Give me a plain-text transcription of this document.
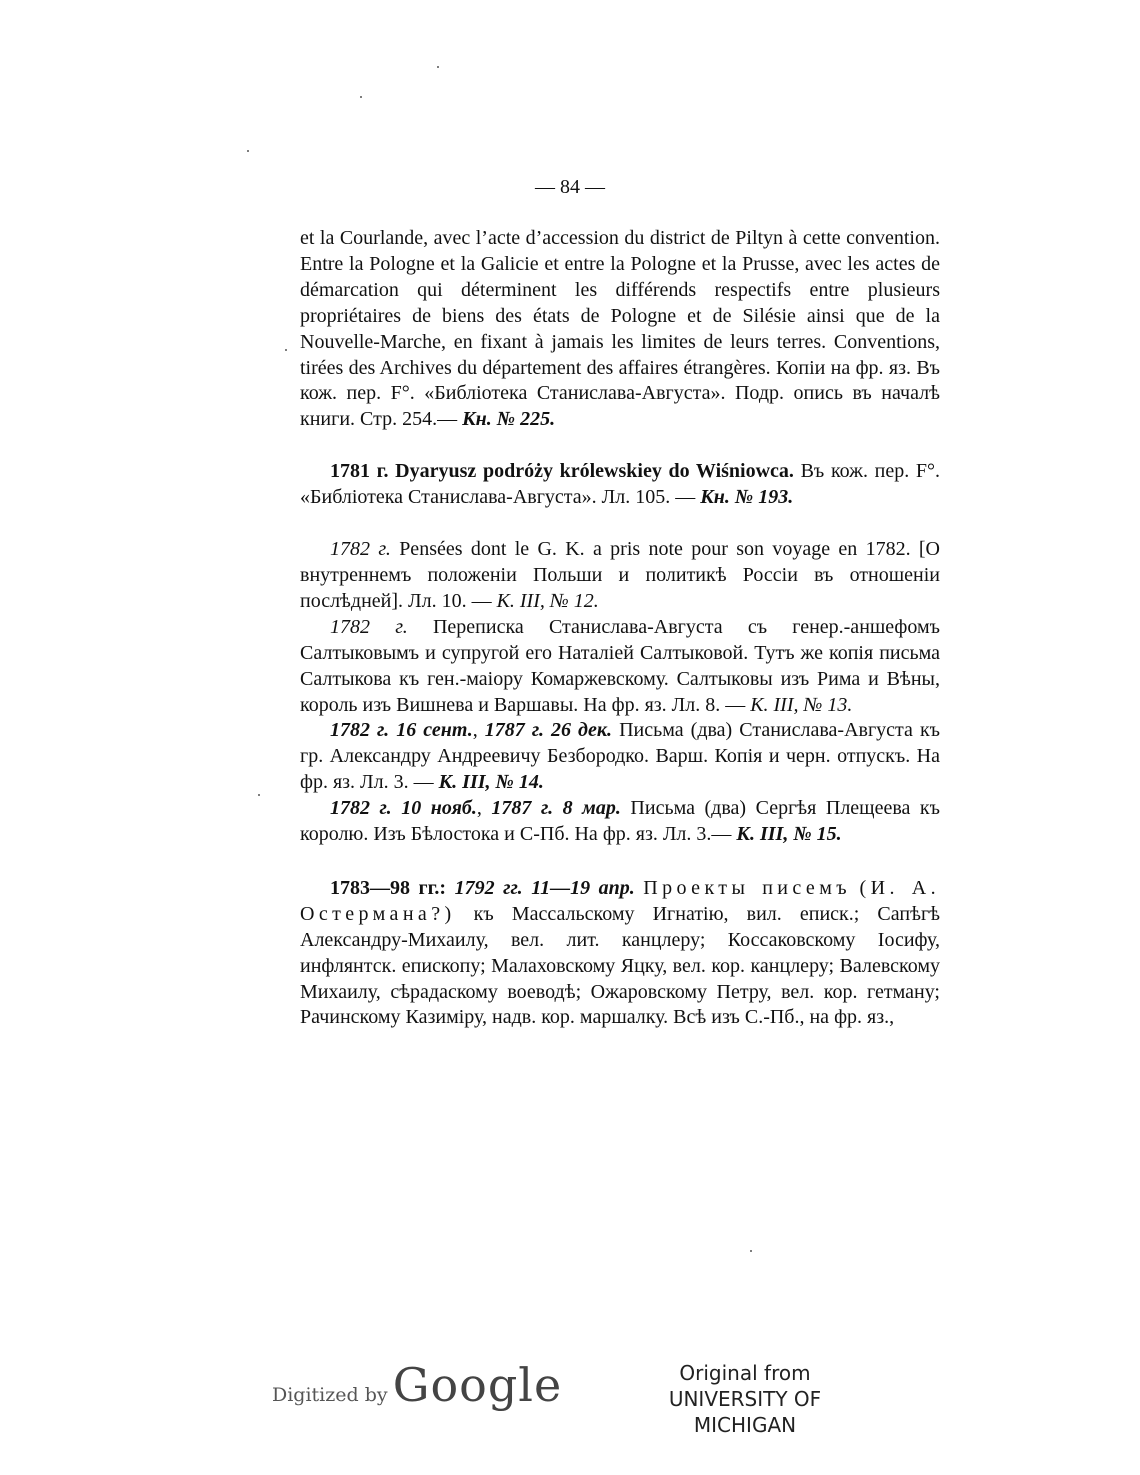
— 84 —

et la Courlande, avec l’acte d’accession du district de Piltyn à cette convention. Entre la Pologne et la Galicie et entre la Pologne et la Prusse, avec les actes de démarcation qui déterminent les différends respectifs entre plusieurs propriétaires de biens des états de Pologne et de Silésie ainsi que de la Nouvelle-Marche, en fixant à jamais les limites de leurs terres. Conventions, tirées des Archives du département des affaires étrangères. Копіи на фр. яз. Въ кож. пер. F°. «Библіотека Станислава-Августа». Подр. опись въ началѣ книги. Стр. 254.— Кн. № 225.

1781 г. Dyaryusz podróży królewskiey do Wiśniowca. Въ кож. пер. F°. «Библіотека Станислава-Августа». Лл. 105. — Кн. № 193.

1782 г. Pensées dont le G. K. a pris note pour son voyage en 1782. [О внутреннемъ положеніи Польши и политикѣ Россіи въ отношеніи послѣдней]. Лл. 10. — К. III, № 12.

1782 г. Переписка Станислава-Августа съ генер.-аншефомъ Салтыковымъ и супругой его Наталіей Салтыковой. Тутъ же копія письма Салтыкова къ ген.-маіору Комаржевскому. Салтыковы изъ Рима и Вѣны, король изъ Вишнева и Варшавы. На фр. яз. Лл. 8. — К. III, № 13.

1782 г. 16 сент., 1787 г. 26 дек. Письма (два) Станислава-Августа къ гр. Александру Андреевичу Безбородко. Варш. Копія и черн. отпускъ. На фр. яз. Лл. 3. — К. III, № 14.

1782 г. 10 нояб., 1787 г. 8 мар. Письма (два) Сергѣя Плещеева къ королю. Изъ Бѣлостока и С-Пб. На фр. яз. Лл. 3.— К. III, № 15.

1783—98 гг.: 1792 гг. 11—19 апр. Проекты писемъ (И. А. Остермана?) къ Массальскому Игнатію, вил. еписк.; Сапѣгѣ Александру-Михаилу, вел. лит. канцлеру; Коссаковскому Іосифу, инфлянтск. епископу; Малаховскому Яцку, вел. кор. канцлеру; Валевскому Михаилу, сѣрадаскому воеводѣ; Ожаровскому Петру, вел. кор. гетману; Рачинскому Казиміру, надв. кор. маршалку. Всѣ изъ С.-Пб., на фр. яз.,

Digitized by Google	Original from
UNIVERSITY OF MICHIGAN
